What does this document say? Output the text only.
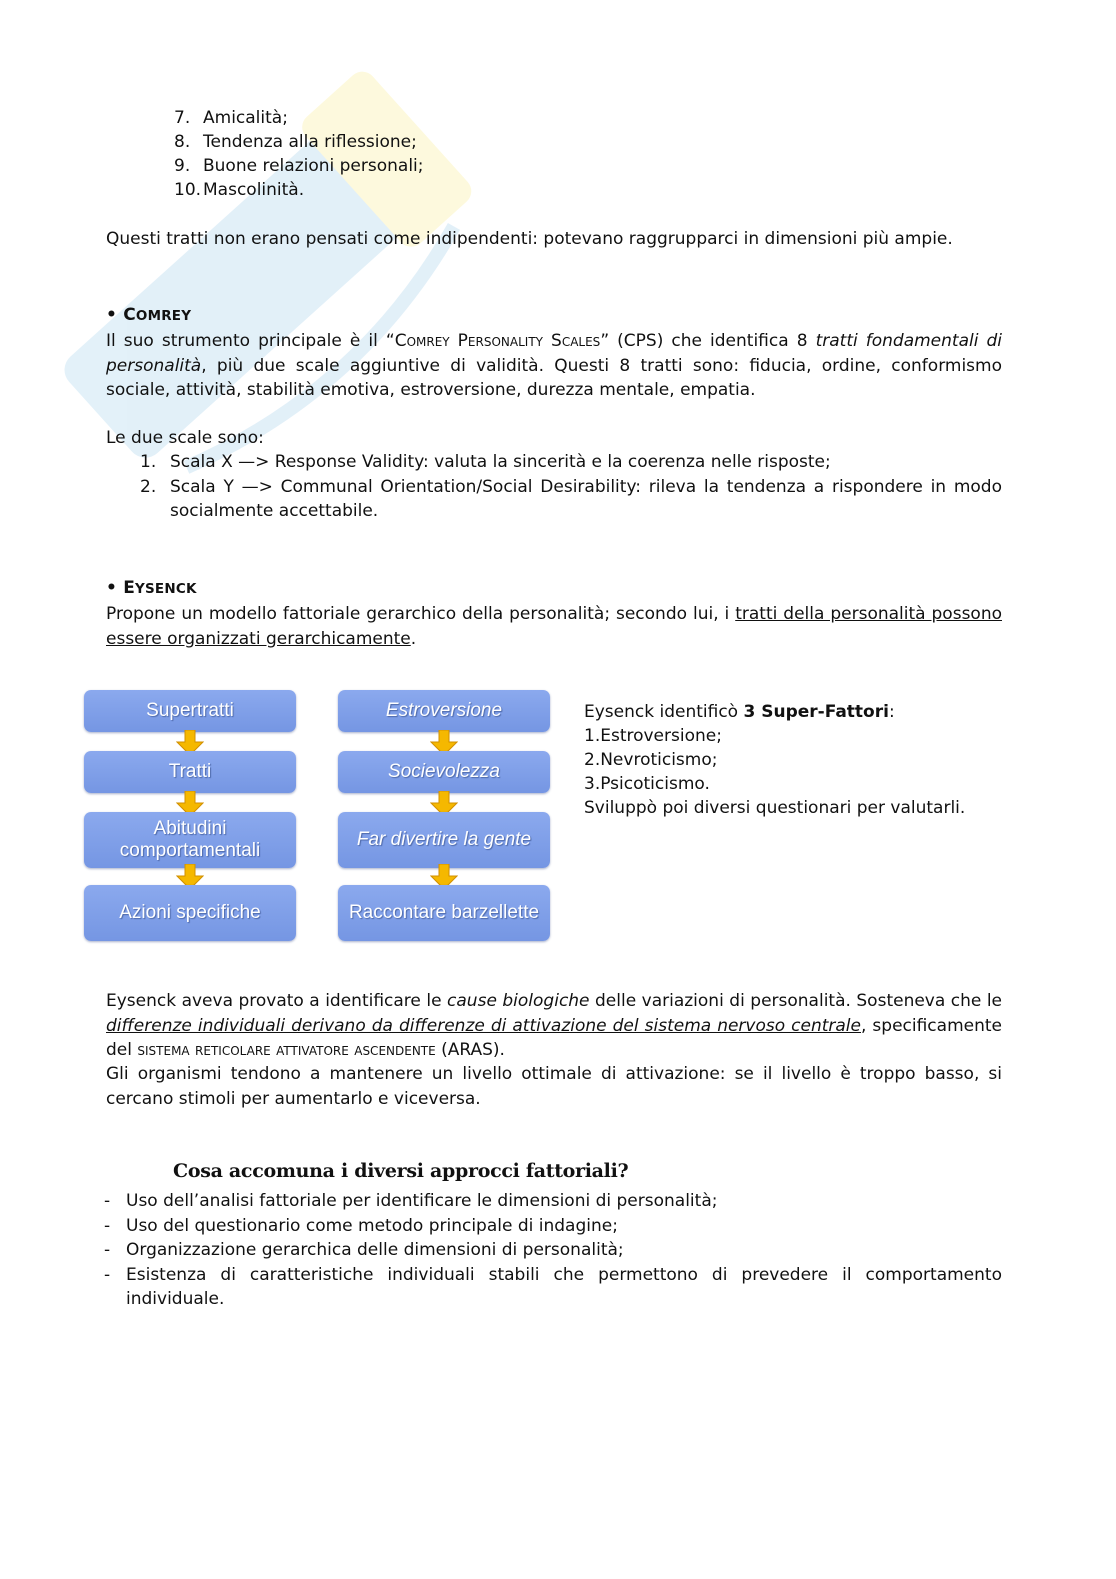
7. Amicalità;
8. Tendenza alla riflessione;
9. Buone relazioni personali;
10. Mascolinità.

Questi tratti non erano pensati come indipendenti: potevano raggrupparci in dimensioni più ampie.

• COMREY

Il suo strumento principale è il “Comrey Personality Scales” (CPS) che identifica 8 tratti fondamentali di personalità, più due scale aggiuntive di validità. Questi 8 tratti sono: fiducia, ordine, conformismo sociale, attività, stabilità emotiva, estroversione, durezza mentale, empatia.

Le due scale sono:

1. Scala X —> Response Validity: valuta la sincerità e la coerenza nelle risposte;
2. Scala Y —> Communal Orientation/Social Desirability: rileva la tendenza a rispondere in modo socialmente accettabile.
• EYSENCK

Propone un modello fattoriale gerarchico della personalità; secondo lui, i tratti della personalità possono essere organizzati gerarchicamente.

Supertratti
Tratti
Abitudini comportamentali
Azioni specifiche
Estroversione
Socievolezza
Far divertire la gente
Raccontare barzellette
Eysenck identificò 3 Super-Fattori:
1.Estroversione;
2.Nevroticismo;
3.Psicoticismo.
Sviluppò poi diversi questionari per valutarli.

Eysenck aveva provato a identificare le cause biologiche delle variazioni di personalità. Sosteneva che le differenze individuali derivano da differenze di attivazione del sistema nervoso centrale, specificamente del sistema reticolare attivatore ascendente (ARAS).

Gli organismi tendono a mantenere un livello ottimale di attivazione: se il livello è troppo basso, si cercano stimoli per aumentarlo e viceversa.

Cosa accomuna i diversi approcci fattoriali?
- Uso dell’analisi fattoriale per identificare le dimensioni di personalità;
- Uso del questionario come metodo principale di indagine;
- Organizzazione gerarchica delle dimensioni di personalità;
- Esistenza di caratteristiche individuali stabili che permettono di prevedere il comportamento individuale.
